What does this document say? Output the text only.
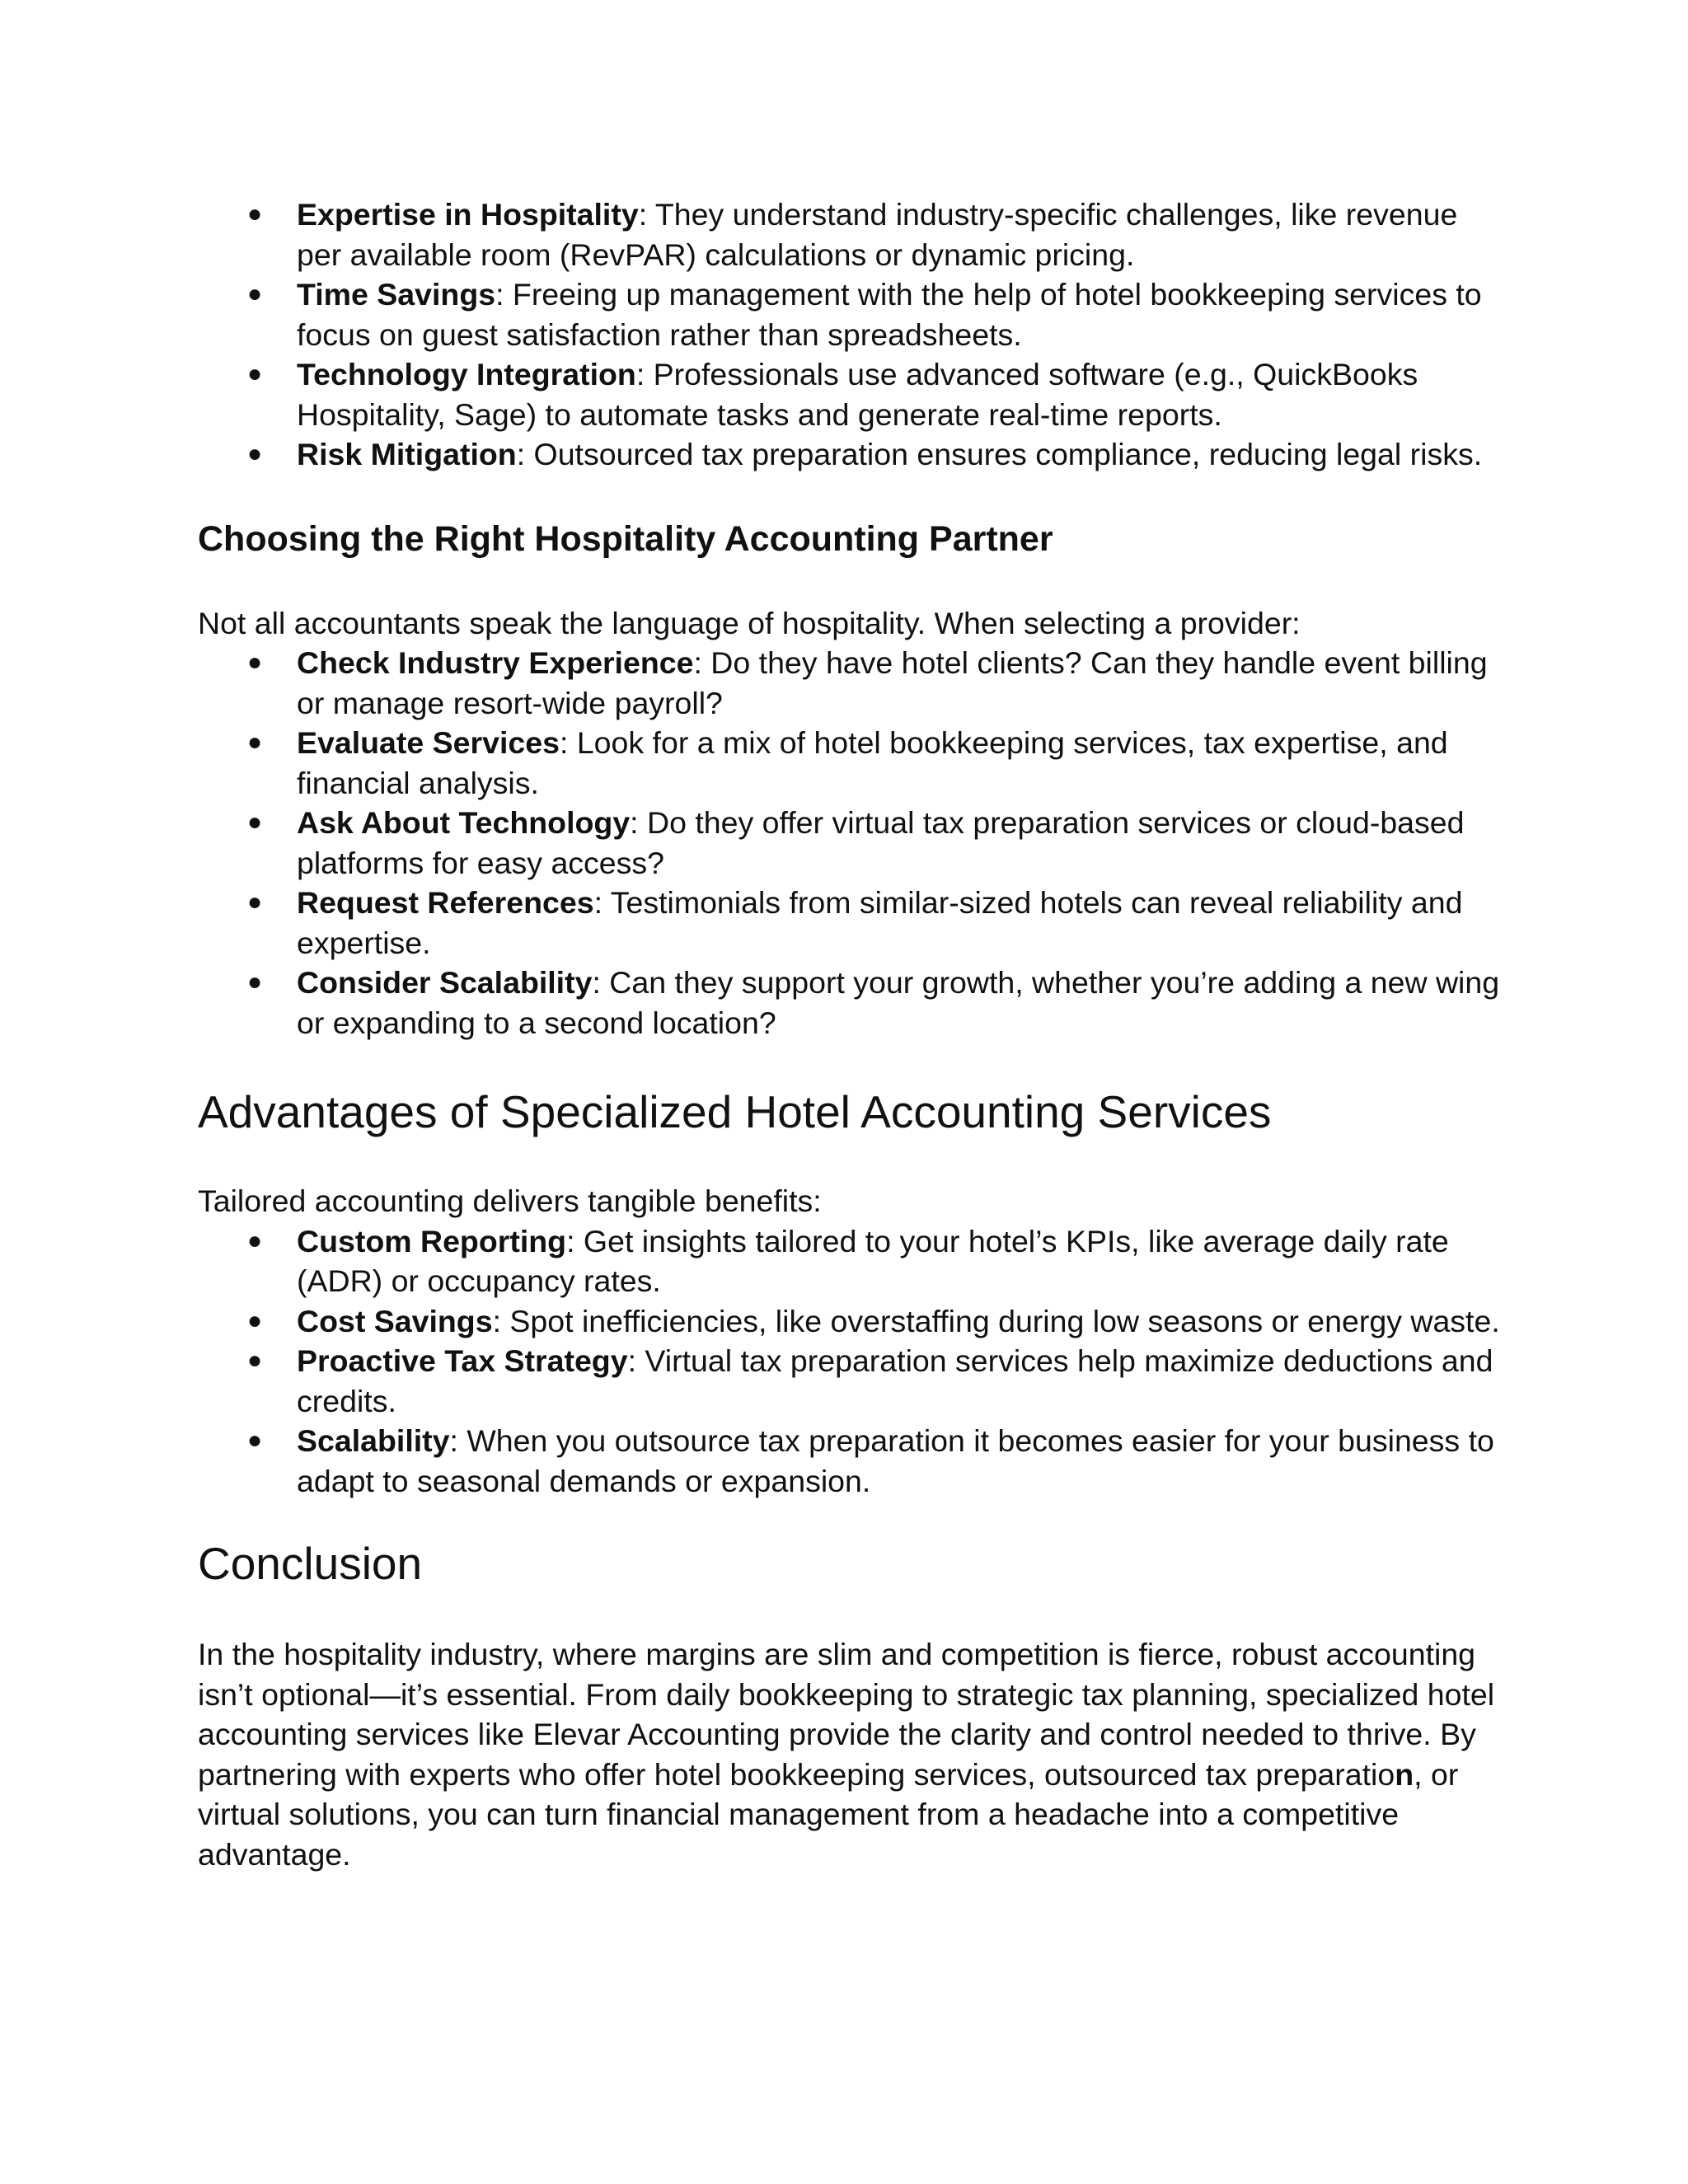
● Expertise in Hospitality: They understand industry-specific challenges, like revenue per available room (RevPAR) calculations or dynamic pricing.
● Time Savings: Freeing up management with the help of hotel bookkeeping services to focus on guest satisfaction rather than spreadsheets.
● Technology Integration: Professionals use advanced software (e.g., QuickBooks Hospitality, Sage) to automate tasks and generate real-time reports.
● Risk Mitigation: Outsourced tax preparation ensures compliance, reducing legal risks.
Choosing the Right Hospitality Accounting Partner

Not all accountants speak the language of hospitality. When selecting a provider:

● Check Industry Experience: Do they have hotel clients? Can they handle event billing or manage resort-wide payroll?
● Evaluate Services: Look for a mix of hotel bookkeeping services, tax expertise, and financial analysis.
● Ask About Technology: Do they offer virtual tax preparation services or cloud-based platforms for easy access?
● Request References: Testimonials from similar-sized hotels can reveal reliability and expertise.
● Consider Scalability: Can they support your growth, whether you’re adding a new wing or expanding to a second location?
Advantages of Specialized Hotel Accounting Services

Tailored accounting delivers tangible benefits:

● Custom Reporting: Get insights tailored to your hotel’s KPIs, like average daily rate (ADR) or occupancy rates.
● Cost Savings: Spot inefficiencies, like overstaffing during low seasons or energy waste.
● Proactive Tax Strategy: Virtual tax preparation services help maximize deductions and credits.
● Scalability: When you outsource tax preparation it becomes easier for your business to adapt to seasonal demands or expansion.
Conclusion

In the hospitality industry, where margins are slim and competition is fierce, robust accounting isn’t optional—it’s essential. From daily bookkeeping to strategic tax planning, specialized hotel accounting services like Elevar Accounting provide the clarity and control needed to thrive. By partnering with experts who offer hotel bookkeeping services, outsourced tax preparation, or virtual solutions, you can turn financial management from a headache into a competitive advantage.
